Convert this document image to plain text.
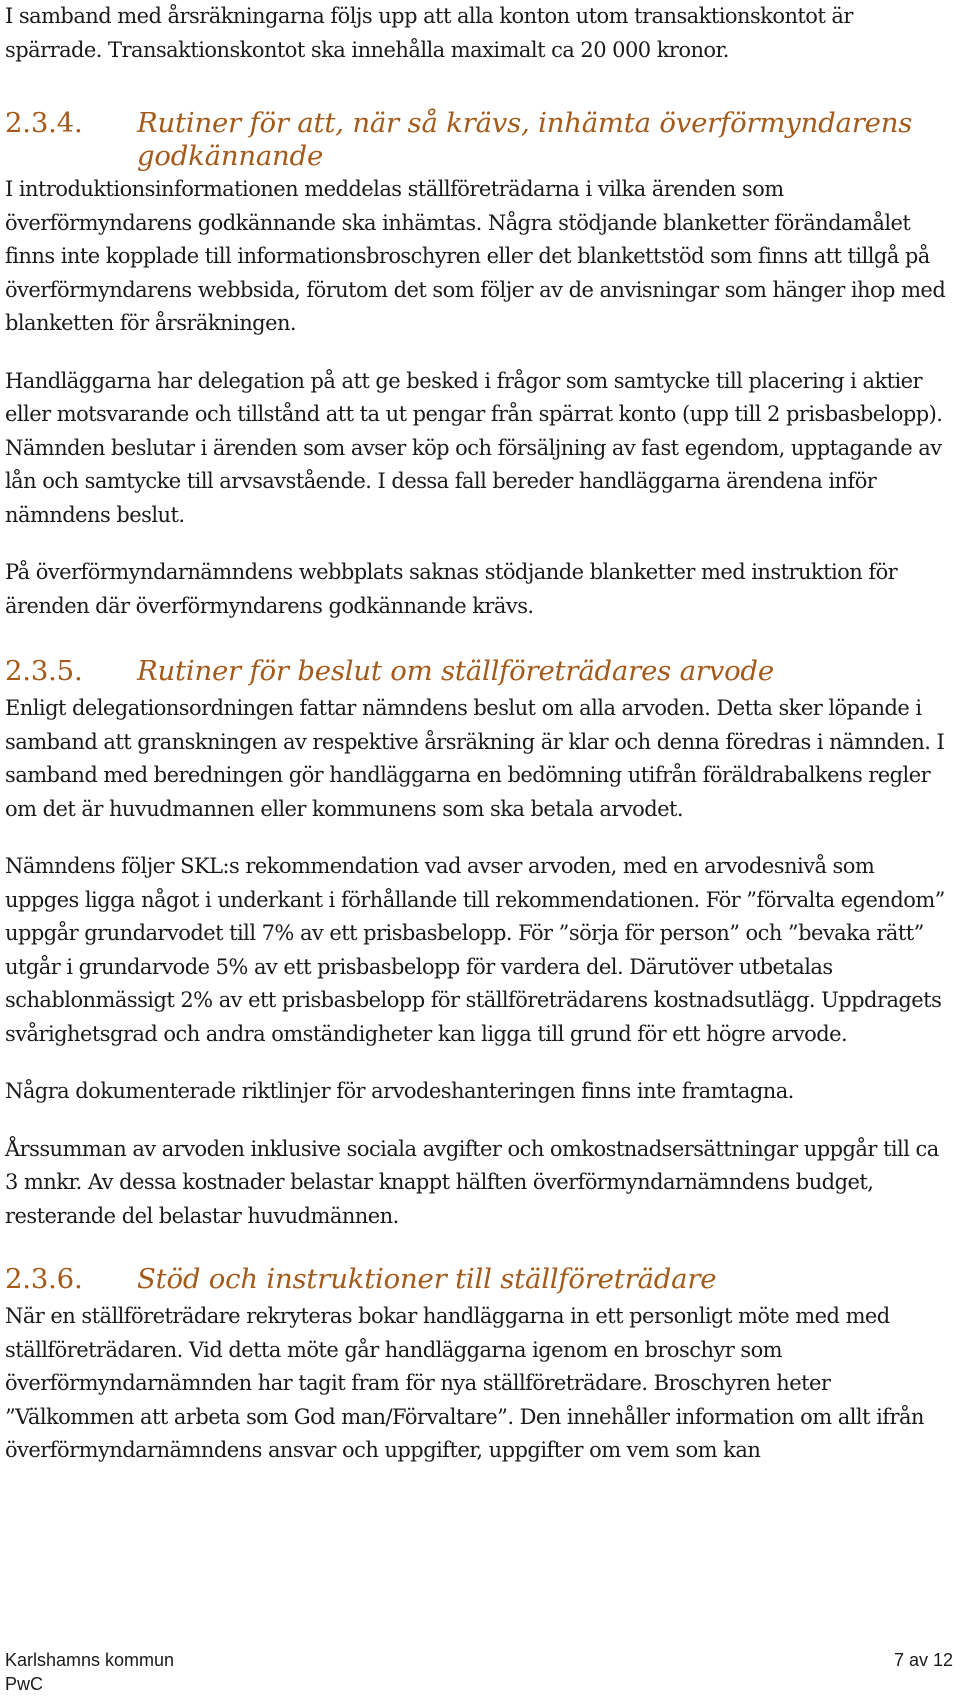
I samband med årsräkningarna följs upp att alla konton utom transaktionskontot är spärrade. Transaktionskontot ska innehålla maximalt ca 20 000 kronor.

2.3.4. Rutiner för att, när så krävs, inhämta överförmyndarens godkännande

I introduktionsinformationen meddelas ställföreträdarna i vilka ärenden som överförmyndarens godkännande ska inhämtas. Några stödjande blanketter förändamålet finns inte kopplade till informationsbroschyren eller det blankettstöd som finns att tillgå på överförmyndarens webbsida, förutom det som följer av de anvisningar som hänger ihop med blanketten för årsräkningen.

Handläggarna har delegation på att ge besked i frågor som samtycke till placering i aktier eller motsvarande och tillstånd att ta ut pengar från spärrat konto (upp till 2 prisbasbelopp). Nämnden beslutar i ärenden som avser köp och försäljning av fast egendom, upptagande av lån och samtycke till arvsavstående. I dessa fall bereder handläggarna ärendena inför nämndens beslut.

På överförmyndarnämndens webbplats saknas stödjande blanketter med instruktion för ärenden där överförmyndarens godkännande krävs.

2.3.5. Rutiner för beslut om ställföreträdares arvode

Enligt delegationsordningen fattar nämndens beslut om alla arvoden. Detta sker löpande i samband att granskningen av respektive årsräkning är klar och denna föredras i nämnden. I samband med beredningen gör handläggarna en bedömning utifrån föräldrabalkens regler om det är huvudmannen eller kommunens som ska betala arvodet.

Nämndens följer SKL:s rekommendation vad avser arvoden, med en arvodesnivå som uppges ligga något i underkant i förhållande till rekommendationen. För ”förvalta egendom” uppgår grundarvodet till 7% av ett prisbasbelopp. För ”sörja för person” och ”bevaka rätt” utgår i grundarvode 5% av ett prisbasbelopp för vardera del. Därutöver utbetalas schablonmässigt 2% av ett prisbasbelopp för ställföreträdarens kostnadsutlägg. Uppdragets svårighetsgrad och andra omständigheter kan ligga till grund för ett högre arvode.

Några dokumenterade riktlinjer för arvodeshanteringen finns inte framtagna.

Årssumman av arvoden inklusive sociala avgifter och omkostnadsersättningar uppgår till ca 3 mnkr. Av dessa kostnader belastar knappt hälften överförmyndarnämndens budget, resterande del belastar huvudmännen.

2.3.6. Stöd och instruktioner till ställföreträdare

När en ställföreträdare rekryteras bokar handläggarna in ett personligt möte med med ställföreträdaren. Vid detta möte går handläggarna igenom en broschyr som överförmyndarnämnden har tagit fram för nya ställföreträdare. Broschyren heter ”Välkommen att arbeta som God man/Förvaltare”. Den innehåller information om allt ifrån överförmyndarnämndens ansvar och uppgifter, uppgifter om vem som kan

Karlshamns kommun
PwC
7 av 12
